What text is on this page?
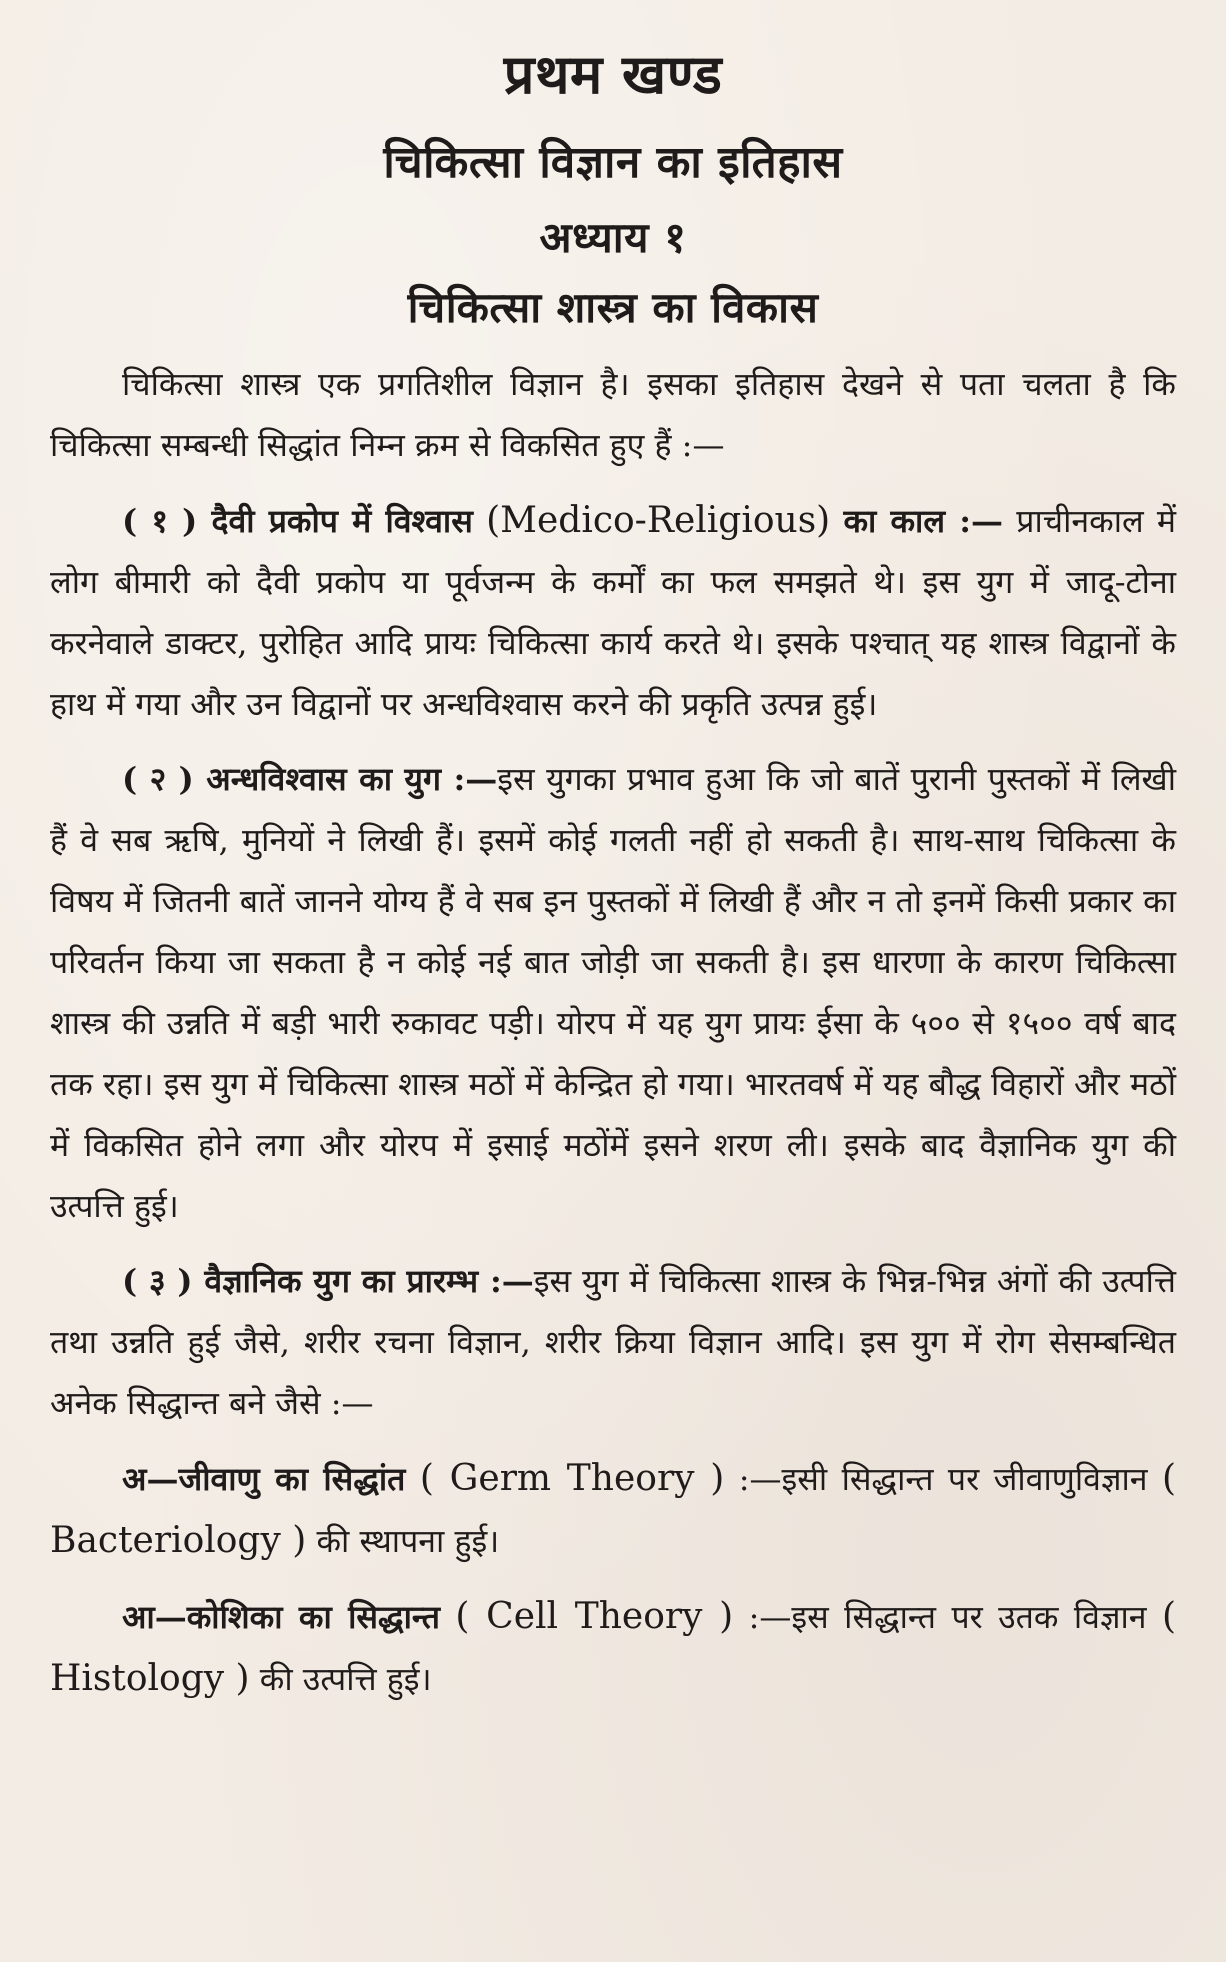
प्रथम खण्ड
चिकित्सा विज्ञान का इतिहास
अध्याय १
चिकित्सा शास्त्र का विकास

चिकित्सा शास्त्र एक प्रगतिशील विज्ञान है। इसका इतिहास देखने से पता चलता है कि चिकित्सा सम्बन्धी सिद्धांत निम्न क्रम से विकसित हुए हैं :—

( १ ) दैवी प्रकोप में विश्वास (Medico-Religious) का काल :— प्राचीनकाल में लोग बीमारी को दैवी प्रकोप या पूर्वजन्म के कर्मों का फल समझते थे। इस युग में जादू-टोना करनेवाले डाक्टर, पुरोहित आदि प्रायः चिकित्सा कार्य करते थे। इसके पश्चात् यह शास्त्र विद्वानों के हाथ में गया और उन विद्वानों पर अन्धविश्वास करने की प्रकृति उत्पन्न हुई।

( २ ) अन्धविश्वास का युग :—इस युगका प्रभाव हुआ कि जो बातें पुरानी पुस्तकों में लिखी हैं वे सब ऋषि, मुनियों ने लिखी हैं। इसमें कोई गलती नहीं हो सकती है। साथ-साथ चिकित्सा के विषय में जितनी बातें जानने योग्य हैं वे सब इन पुस्तकों में लिखी हैं और न तो इनमें किसी प्रकार का परिवर्तन किया जा सकता है न कोई नई बात जोड़ी जा सकती है। इस धारणा के कारण चिकित्सा शास्त्र की उन्नति में बड़ी भारी रुकावट पड़ी। योरप में यह युग प्रायः ईसा के ५०० से १५०० वर्ष बाद तक रहा। इस युग में चिकित्सा शास्त्र मठों में केन्द्रित हो गया। भारतवर्ष में यह बौद्ध विहारों और मठों में विकसित होने लगा और योरप में इसाई मठोंमें इसने शरण ली। इसके बाद वैज्ञानिक युग की उत्पत्ति हुई।

( ३ ) वैज्ञानिक युग का प्रारम्भ :—इस युग में चिकित्सा शास्त्र के भिन्न-भिन्न अंगों की उत्पत्ति तथा उन्नति हुई जैसे, शरीर रचना विज्ञान, शरीर क्रिया विज्ञान आदि। इस युग में रोग सेसम्बन्धित अनेक सिद्धान्त बने जैसे :—

अ—जीवाणु का सिद्धांत ( Germ Theory ) :—इसी सिद्धान्त पर जीवाणुविज्ञान ( Bacteriology ) की स्थापना हुई।

आ—कोशिका का सिद्धान्त ( Cell Theory ) :—इस सिद्धान्त पर उतक विज्ञान ( Histology ) की उत्पत्ति हुई।
